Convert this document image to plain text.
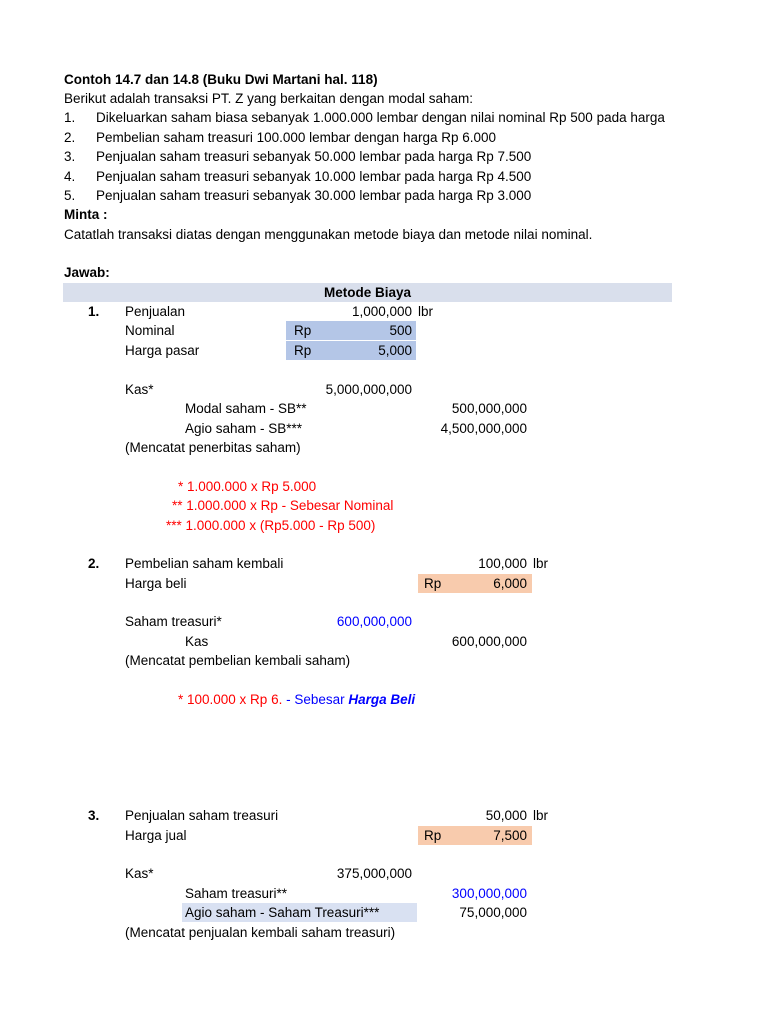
Contoh 14.7 dan 14.8 (Buku Dwi Martani hal. 118)
Berikut adalah transaksi PT. Z yang berkaitan dengan modal saham:
1. Dikeluarkan saham biasa sebanyak 1.000.000 lembar dengan nilai nominal Rp 500 pada harga
2. Pembelian saham treasuri 100.000 lembar dengan harga Rp 6.000
3. Penjualan saham treasuri sebanyak 50.000 lembar pada harga Rp 7.500
4. Penjualan saham treasuri sebanyak 10.000 lembar pada harga Rp 4.500
5. Penjualan saham treasuri sebanyak 30.000 lembar pada harga Rp 3.000
Minta :
Catatlah transaksi diatas dengan menggunakan metode biaya dan metode nilai nominal.
Jawab:
Metode Biaya
1. Penjualan	1,000,000 lbr
Nominal	Rp	500
Harga pasar	Rp	5,000
Kas*	5,000,000,000
Modal saham - SB**	500,000,000
Agio saham - SB***	4,500,000,000
(Mencatat penerbitas saham)
* 1.000.000 x Rp 5.000
** 1.000.000 x Rp - Sebesar Nominal
*** 1.000.000 x (Rp5.000 - Rp 500)
2. Pembelian saham kembali	100,000 lbr
Harga beli	Rp	6,000
Saham treasuri*	600,000,000
Kas	600,000,000
(Mencatat pembelian kembali saham)
* 100.000 x Rp 6. - Sebesar Harga Beli
3. Penjualan saham treasuri	50,000 lbr
Harga jual	Rp	7,500
Kas*	375,000,000
Saham treasuri**	300,000,000
Agio saham - Saham Treasuri***	75,000,000
(Mencatat penjualan kembali saham treasuri)
